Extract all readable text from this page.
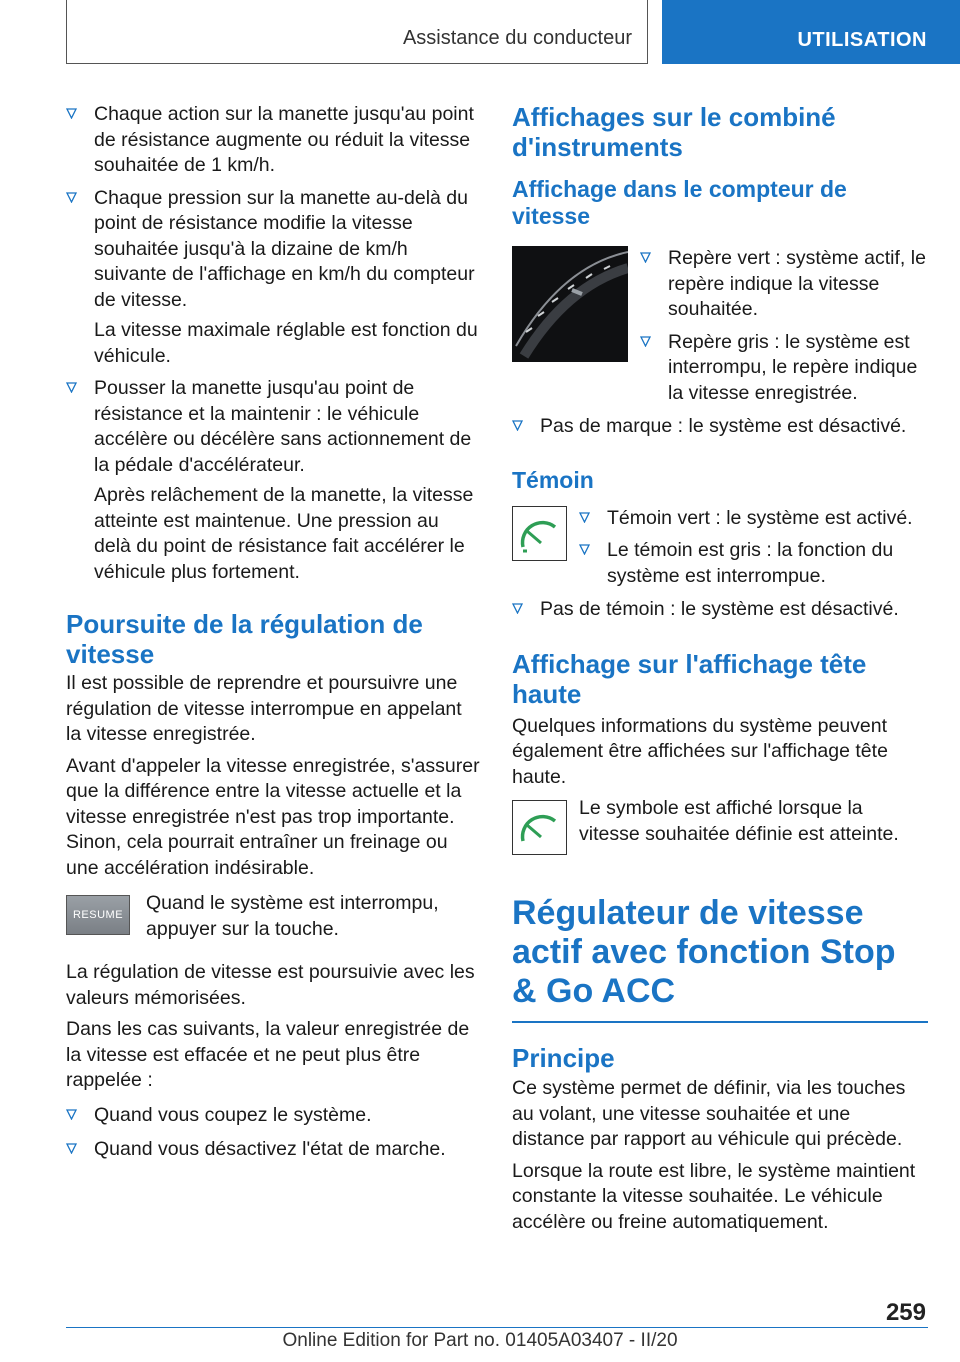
Assistance du conducteur	UTILISATION
Chaque action sur la manette jusqu'au point de résistance augmente ou réduit la vitesse souhaitée de 1 km/h.
Chaque pression sur la manette au-delà du point de résistance modifie la vitesse souhaitée jusqu'à la dizaine de km/h suivante de l'affichage en km/h du compteur de vitesse.

La vitesse maximale réglable est fonction du véhicule.

Pousser la manette jusqu'au point de résistance et la maintenir : le véhicule accélère ou décélère sans actionnement de la pédale d'accélérateur.

Après relâchement de la manette, la vitesse atteinte est maintenue. Une pression au delà du point de résistance fait accélérer le véhicule plus fortement.

Poursuite de la régulation de vitesse

Il est possible de reprendre et poursuivre une régulation de vitesse interrompue en appelant la vitesse enregistrée.

Avant d'appeler la vitesse enregistrée, s'assurer que la différence entre la vitesse actuelle et la vitesse enregistrée n'est pas trop importante. Sinon, cela pourrait entraîner un freinage ou une accélération indésirable.

RESUME

Quand le système est interrompu, appuyer sur la touche.

La régulation de vitesse est poursuivie avec les valeurs mémorisées.

Dans les cas suivants, la valeur enregistrée de la vitesse est effacée et ne peut plus être rappelée :

Quand vous coupez le système.
Quand vous désactivez l'état de marche.
Affichages sur le combiné d'instruments
Affichage dans le compteur de vitesse
Repère vert : système actif, le repère indique la vitesse souhaitée.
Repère gris : le système est interrompu, le repère indique la vitesse enregistrée.
Pas de marque : le système est désactivé.
Témoin
Témoin vert : le système est activé.
Le témoin est gris : la fonction du système est interrompue.
Pas de témoin : le système est désactivé.
Affichage sur l'affichage tête haute

Quelques informations du système peuvent également être affichées sur l'affichage tête haute.

Le symbole est affiché lorsque la vitesse souhaitée définie est atteinte.

Régulateur de vitesse actif avec fonction Stop & Go ACC
Principe

Ce système permet de définir, via les touches au volant, une vitesse souhaitée et une distance par rapport au véhicule qui précède.

Lorsque la route est libre, le système maintient constante la vitesse souhaitée. Le véhicule accélère ou freine automatiquement.

259
Online Edition for Part no. 01405A03407 - II/20
